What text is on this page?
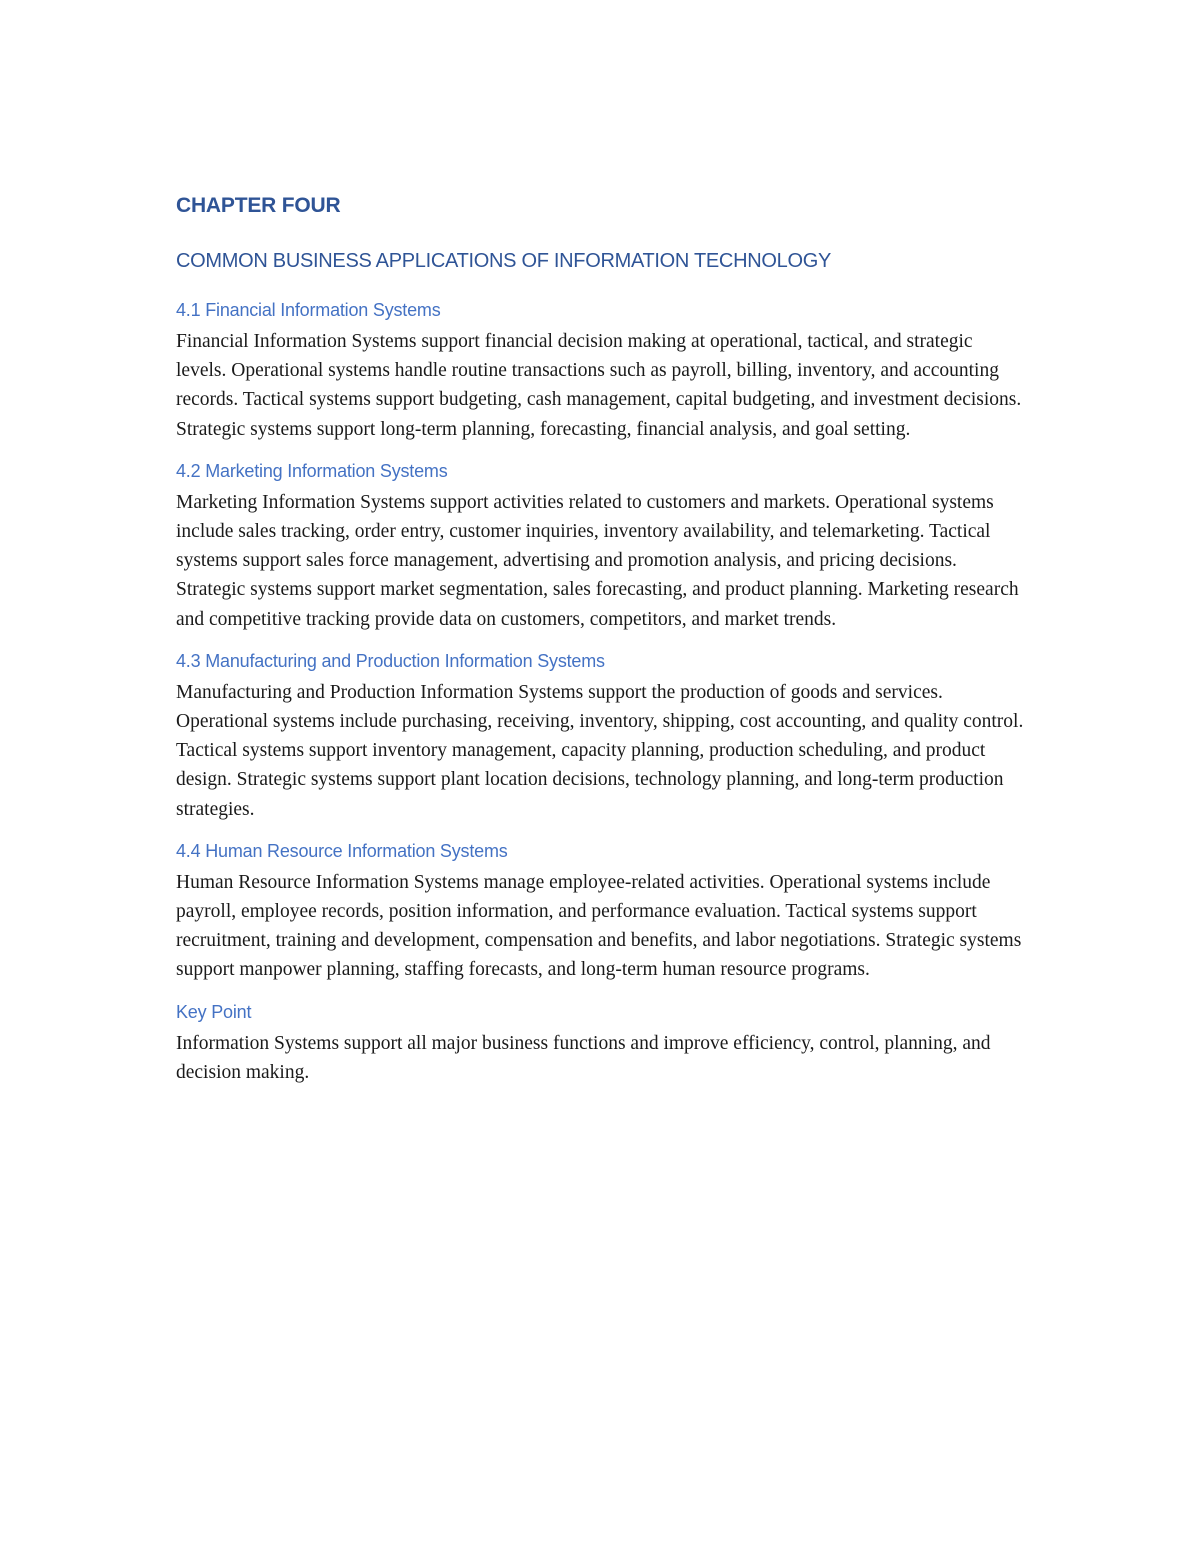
CHAPTER FOUR
COMMON BUSINESS APPLICATIONS OF INFORMATION TECHNOLOGY
4.1 Financial Information Systems

Financial Information Systems support financial decision making at operational, tactical, and strategic levels. Operational systems handle routine transactions such as payroll, billing, inventory, and accounting records. Tactical systems support budgeting, cash management, capital budgeting, and investment decisions. Strategic systems support long-term planning, forecasting, financial analysis, and goal setting.

4.2 Marketing Information Systems

Marketing Information Systems support activities related to customers and markets. Operational systems include sales tracking, order entry, customer inquiries, inventory availability, and telemarketing. Tactical systems support sales force management, advertising and promotion analysis, and pricing decisions. Strategic systems support market segmentation, sales forecasting, and product planning. Marketing research and competitive tracking provide data on customers, competitors, and market trends.

4.3 Manufacturing and Production Information Systems

Manufacturing and Production Information Systems support the production of goods and services. Operational systems include purchasing, receiving, inventory, shipping, cost accounting, and quality control. Tactical systems support inventory management, capacity planning, production scheduling, and product design. Strategic systems support plant location decisions, technology planning, and long-term production strategies.

4.4 Human Resource Information Systems

Human Resource Information Systems manage employee-related activities. Operational systems include payroll, employee records, position information, and performance evaluation. Tactical systems support recruitment, training and development, compensation and benefits, and labor negotiations. Strategic systems support manpower planning, staffing forecasts, and long-term human resource programs.

Key Point

Information Systems support all major business functions and improve efficiency, control, planning, and decision making.
